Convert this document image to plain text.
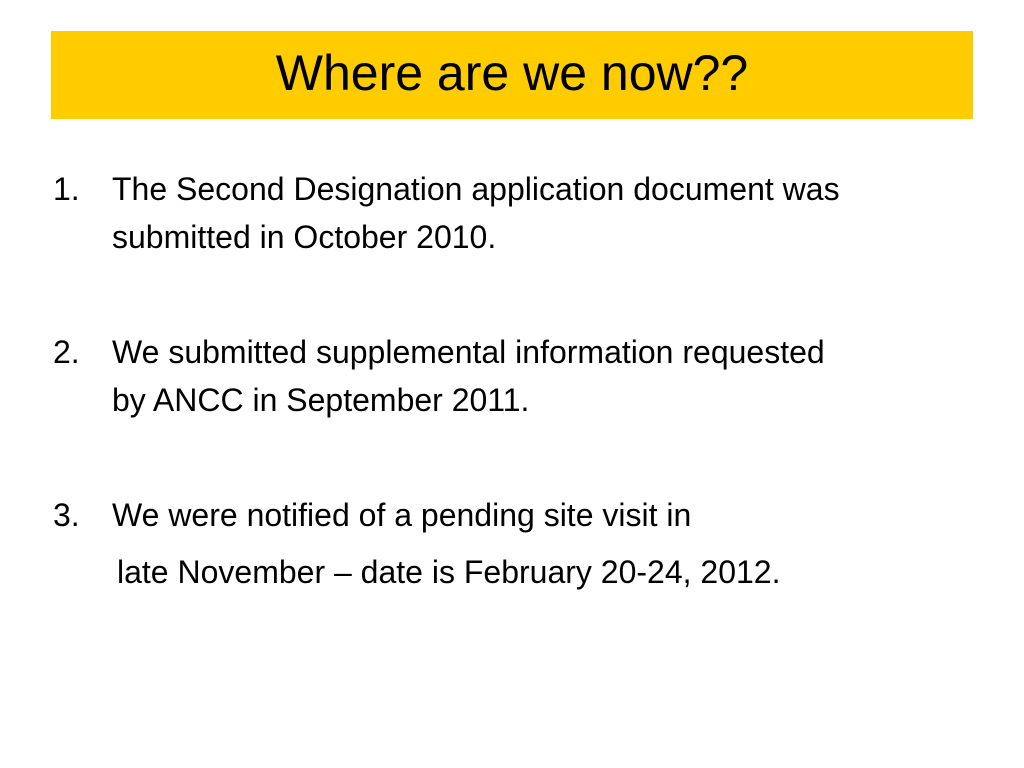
Where are we now??
1. The Second Designation application document was
submitted in October 2010.
2. We submitted supplemental information requested
by ANCC in September 2011.
3. We were notified of a pending site visit in
late November – date is February 20-24, 2012.
